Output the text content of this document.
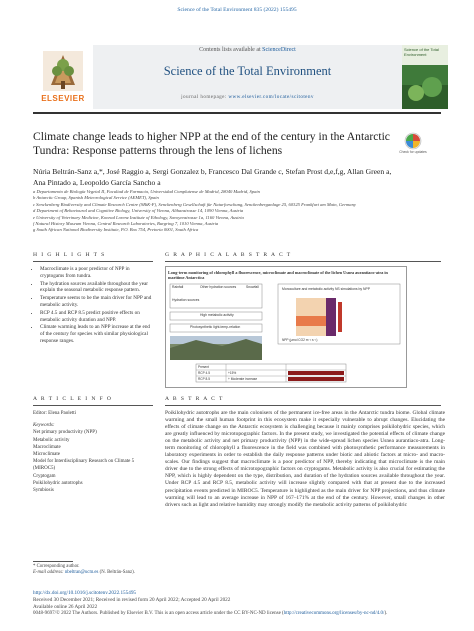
Science of the Total Environment 835 (2022) 155495
ELSEVIER
Contents lists available at ScienceDirect
Science of the Total Environment
journal homepage: www.elsevier.com/locate/scitotenv
Science of the Total Environment
Climate change leads to higher NPP at the end of the century in the Antarctic Tundra: Response patterns through the lens of lichens	Check for updates
Núria Beltrán-Sanz a,*, José Raggio a, Sergi Gonzalez b, Francesco Dal Grande c, Stefan Prost d,e,f,g, Allan Green a,
Ana Pintado a, Leopoldo García Sancho a
a Departamento de Biología Vegetal II, Facultad de Farmacia, Universidad Complutense de Madrid, 28040 Madrid, Spain
b Antarctic Group, Spanish Meteorological Service (AEMET), Spain
c Senckenberg Biodiversity and Climate Research Centre (SBiK-F), Senckenberg Gesellschaft für Naturforschung, Senckenberganlage 25, 60325 Frankfurt am Main, Germany
d Department of Behavioural and Cognitive Biology, University of Vienna, Althanstrasse 14, 1090 Vienna, Austria
e University of Veterinary Medicine, Konrad Lorenz Institute of Ethology, Savoyenstrasse 1a, 1160 Vienna, Austria
f Natural History Museum Vienna, Central Research Laboratories, Burgring 7, 1010 Vienna, Austria
g South African National Biodiversity Institute, P.O. Box 754, Pretoria 0001, South Africa
H I G H L I G H T S	G R A P H I C A L A B S T R A C T
• Macroclimate is a poor predictor of NPP in cryptogams from tundra.
• The hydration sources available throughout the year explain the seasonal metabolic response pattern.
• Temperature seems to be the main driver for NPP and metabolic activity.
• RCP 4.5 and RCP 8.5 predict positive effects on metabolic activity duration and NPP.
• Climate warming leads to an NPP increase at the end of the century for species with similar physiological response ranges.
Long-term monitoring of chlorophyll a fluorescence, microclimate and macroclimate of the lichen Usnea aurantiaco-atra in maritime Antarctica
Rainfall	Other hydration sources	Snowfall
Hydration sources
High metabolic activity
Photosynthetic light-temp-relation
Monoculture and metabolic activity NS simulations by NPP
NPP (μmol CO2 m⁻² s⁻¹)
Present
RCP 4.5
RCP 8.5
+15%
+ Moderate increase
A R T I C L E I N F O	A B S T R A C T
Editor: Elena Paoletti
Keywords:
Net primary productivity (NPP)
Metabolic activity
Macroclimate
Microclimate
Model for Interdisciplinary Research on Climate 5 (MIROC5)
Cryptogam
Poikilohydric autotrophs
Symbiosis
Poikilohydric autotrophs are the main colonisers of the permanent ice-free areas in the Antarctic tundra biome. Global climate warming and the small human footprint in this ecosystem make it especially vulnerable to abrupt changes. Elucidating the effects of climate change on the Antarctic ecosystem is challenging because it mainly comprises poikilohydric species, which are greatly influenced by microtopographic factors. In the present study, we investigated the potential effects of climate change on the metabolic activity and net primary productivity (NPP) in the wide-spread lichen species Usnea aurantiaco-atra. Long-term monitoring of chlorophyll a fluorescence in the field was combined with photosynthetic performance measurements in laboratory experiments in order to establish the daily response patterns under biotic and abiotic factors at micro- and macro-scales. Our findings suggest that macroclimate is a poor predictor of NPP, thereby indicating that microclimate is the main driver due to the strong effects of microtopographic factors on cryptogams. Metabolic activity is also crucial for estimating the NPP, which is highly dependent on the type, distribution, and duration of the hydration sources available throughout the year. Under RCP 4.5 and RCP 8.5, metabolic activity will increase slightly compared with that at present due to the increased precipitation events predicted in MIROC5. Temperature is highlighted as the main driver for NPP projections, and thus climate warming will lead to an average increase in NPP of 167–171% at the end of the century. However, small changes in other drivers such as light and relative humidity may strongly modify the metabolic activity patterns of poikilohydric
* Corresponding author.
E-mail address: nbeltran@ucm.es (N. Beltrán-Sanz).
http://dx.doi.org/10.1016/j.scitotenv.2022.155495
Received 30 December 2021; Received in revised form 20 April 2022; Accepted 20 April 2022
Available online 26 April 2022
0048-9697/© 2022 The Authors. Published by Elsevier B.V. This is an open access article under the CC BY-NC-ND license (http://creativecommons.org/licenses/by-nc-nd/4.0/).
